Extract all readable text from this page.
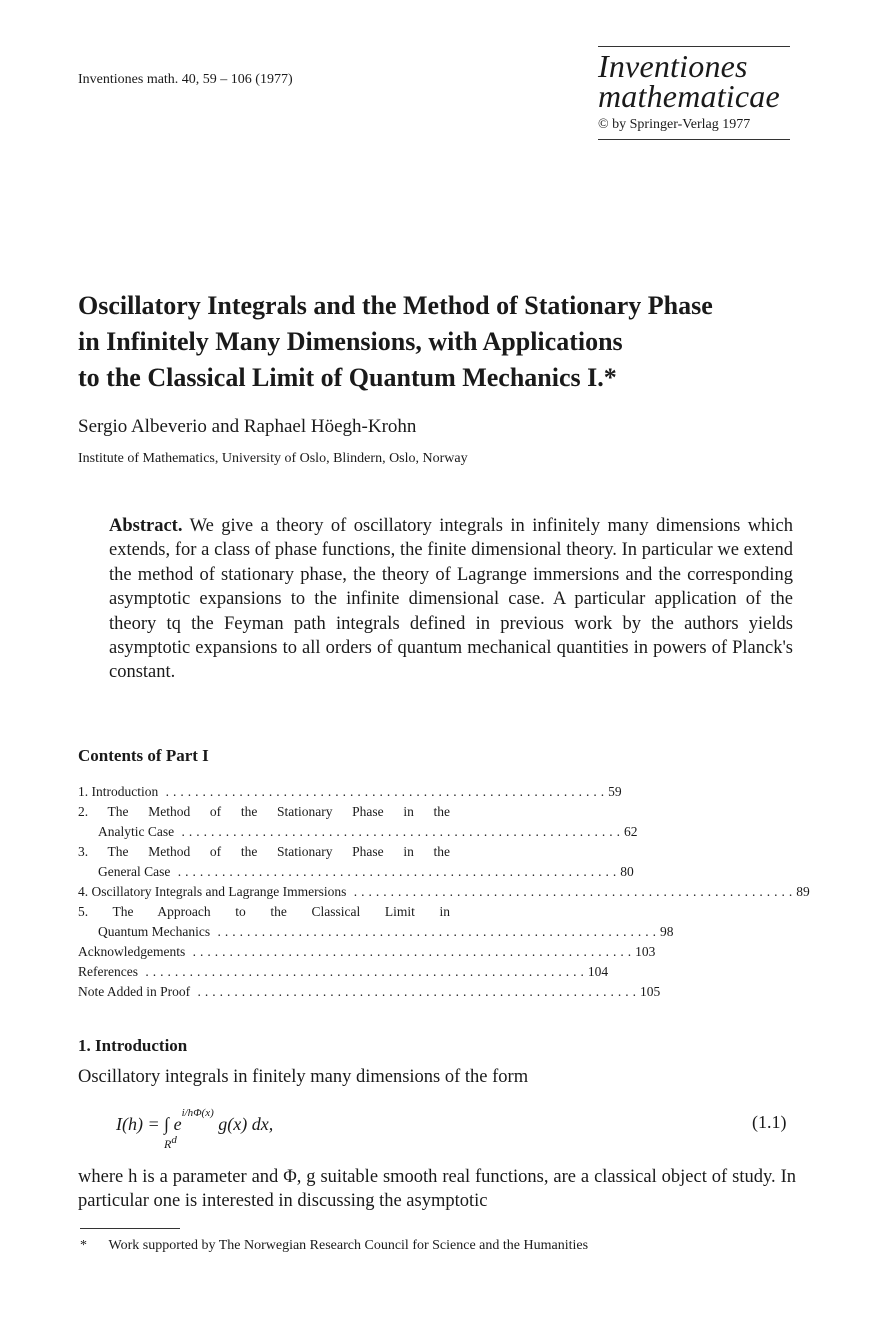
Inventiones math. 40, 59 – 106 (1977)	Inventiones
mathematicae
© by Springer-Verlag 1977
Oscillatory Integrals and the Method of Stationary Phase
in Infinitely Many Dimensions, with Applications
to the Classical Limit of Quantum Mechanics I.*
Sergio Albeverio and Raphael Höegh-Krohn
Institute of Mathematics, University of Oslo, Blindern, Oslo, Norway

Abstract. We give a theory of oscillatory integrals in infinitely many dimensions which extends, for a class of phase functions, the finite dimensional theory. In particular we extend the method of stationary phase, the theory of Lagrange immersions and the corresponding asymptotic expansions to the infinite dimensional case. A particular application of the theory tq the Feyman path integrals defined in previous work by the authors yields asymptotic expansions to all orders of quantum mechanical quantities in powers of Planck's constant.

Contents of Part I
1. Introduction ............................................................ 59
2. The Method of the Stationary Phase in the
Analytic Case ............................................................ 62
3. The Method of the Stationary Phase in the
General Case ............................................................ 80
4. Oscillatory Integrals and Lagrange Immersions ............................................................ 89
5. The Approach to the Classical Limit in
Quantum Mechanics ............................................................ 98
Acknowledgements ............................................................ 103
References ............................................................ 104
Note Added in Proof ............................................................ 105
1. Introduction

Oscillatory integrals in finitely many dimensions of the form

I(h) = ∫ ei/hΦ(x) g(x) dx,
$R^d$
(1.1)

where h is a parameter and Φ, g suitable smooth real functions, are a classical object of study. In particular one is interested in discussing the asymptotic

* Work supported by The Norwegian Research Council for Science and the Humanities
